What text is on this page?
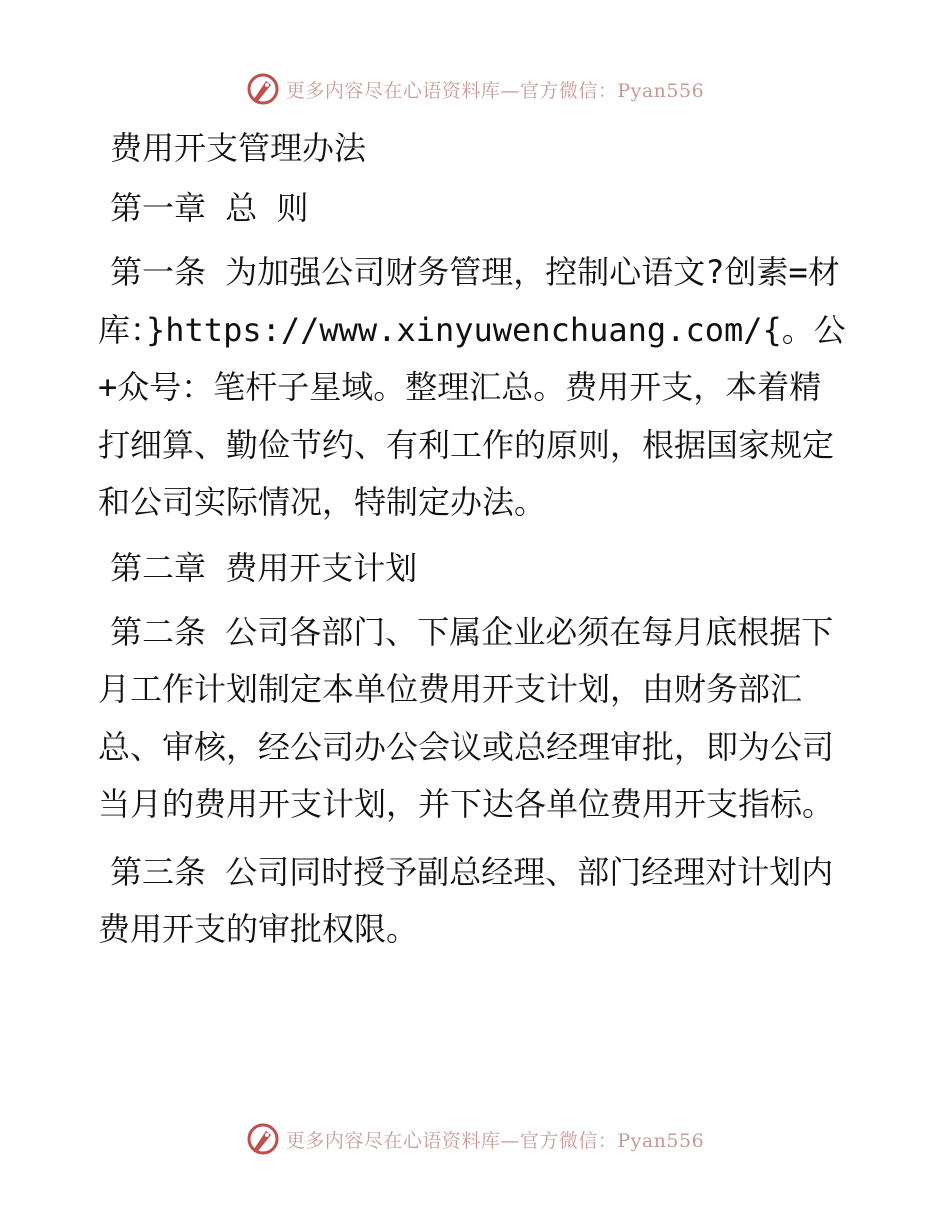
更多内容尽在心语资料库—官方微信：Pyan556

费用开支管理办法

第一章 总 则

第一条 为加强公司财务管理，控制心语文?创素=材库：}https://www.xinyuwenchuang.com/{。公+众号：笔杆子星域。整理汇总。费用开支，本着精打细算、勤俭节约、有利工作的原则，根据国家规定和公司实际情况，特制定办法。

第二章 费用开支计划

第二条 公司各部门、下属企业必须在每月底根据下月工作计划制定本单位费用开支计划，由财务部汇总、审核，经公司办公会议或总经理审批，即为公司当月的费用开支计划，并下达各单位费用开支指标。

第三条 公司同时授予副总经理、部门经理对计划内费用开支的审批权限。

更多内容尽在心语资料库—官方微信：Pyan556
